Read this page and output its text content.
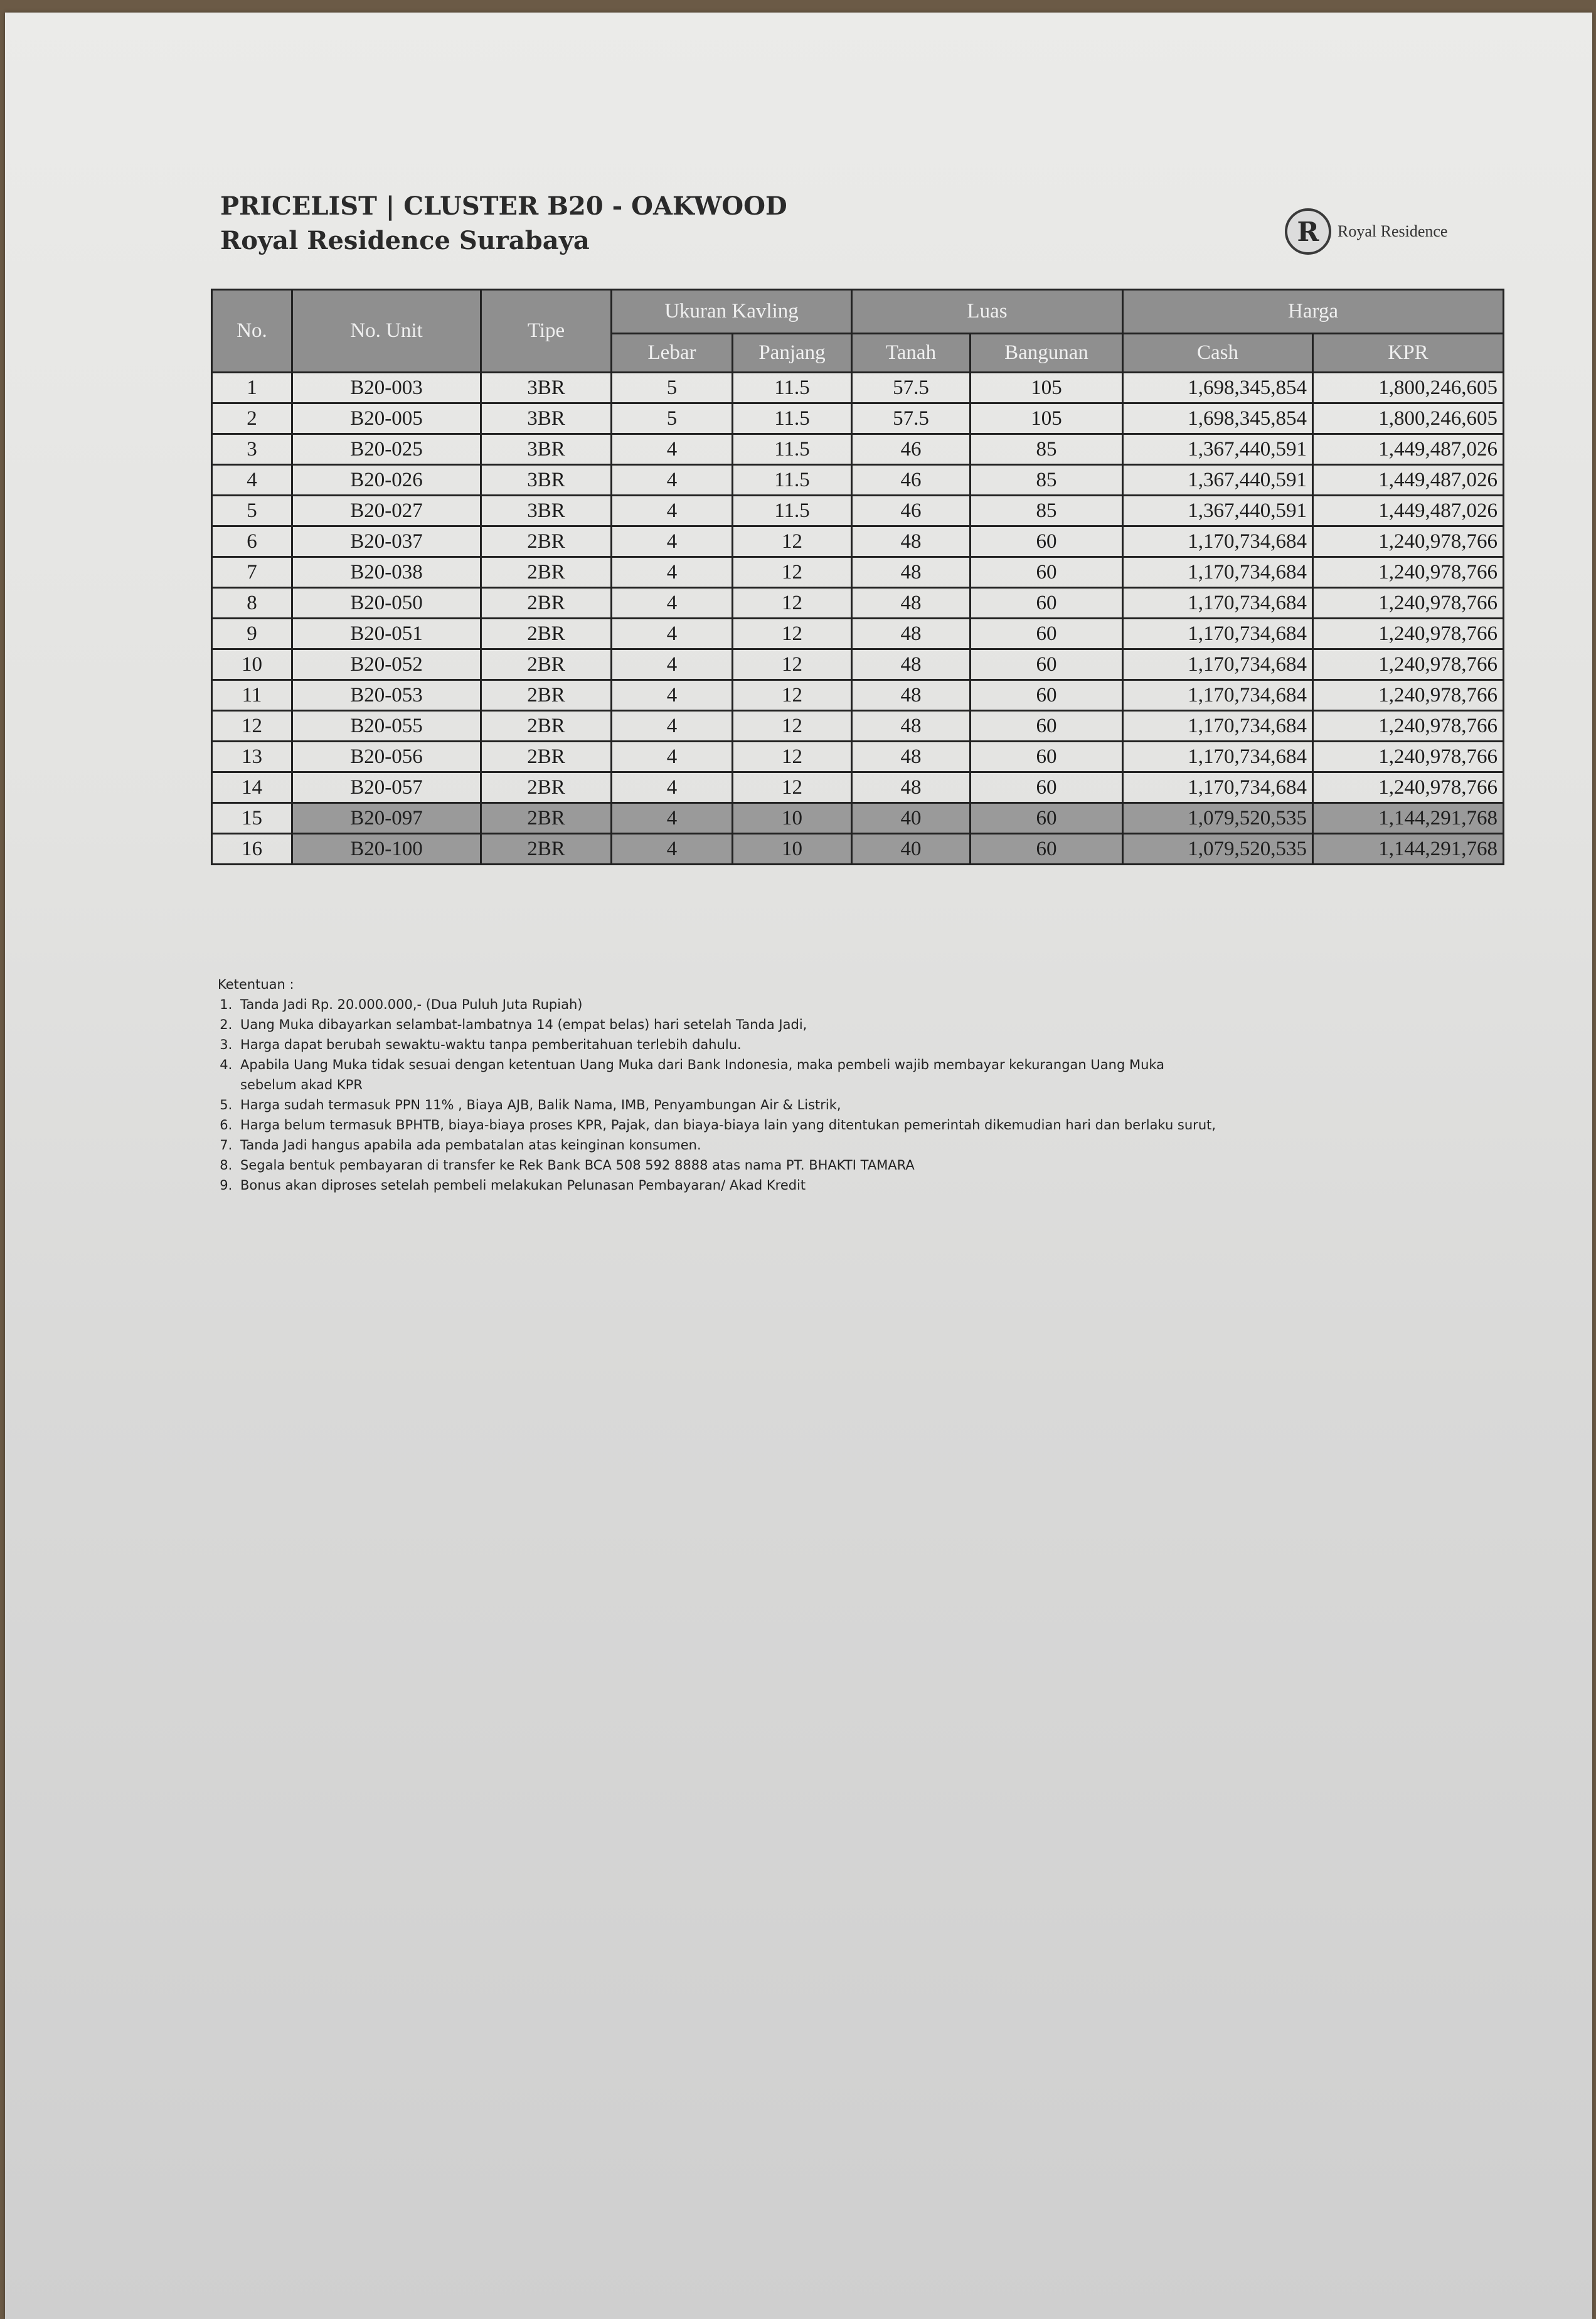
PRICELIST | CLUSTER B20 - OAKWOOD
Royal Residence Surabaya	R	Royal Residence
No.	No. Unit	Tipe	Ukuran Kavling		Luas		Harga	
			Lebar	Panjang	Tanah	Bangunan	Cash	KPR
1	B20-003	3BR	5	11.5	57.5	105	1,698,345,854	1,800,246,605
2	B20-005	3BR	5	11.5	57.5	105	1,698,345,854	1,800,246,605
3	B20-025	3BR	4	11.5	46	85	1,367,440,591	1,449,487,026
4	B20-026	3BR	4	11.5	46	85	1,367,440,591	1,449,487,026
5	B20-027	3BR	4	11.5	46	85	1,367,440,591	1,449,487,026
6	B20-037	2BR	4	12	48	60	1,170,734,684	1,240,978,766
7	B20-038	2BR	4	12	48	60	1,170,734,684	1,240,978,766
8	B20-050	2BR	4	12	48	60	1,170,734,684	1,240,978,766
9	B20-051	2BR	4	12	48	60	1,170,734,684	1,240,978,766
10	B20-052	2BR	4	12	48	60	1,170,734,684	1,240,978,766
11	B20-053	2BR	4	12	48	60	1,170,734,684	1,240,978,766
12	B20-055	2BR	4	12	48	60	1,170,734,684	1,240,978,766
13	B20-056	2BR	4	12	48	60	1,170,734,684	1,240,978,766
14	B20-057	2BR	4	12	48	60	1,170,734,684	1,240,978,766
15	B20-097	2BR	4	10	40	60	1,079,520,535	1,144,291,768
16	B20-100	2BR	4	10	40	60	1,079,520,535	1,144,291,768

Ketentuan :

1. Tanda Jadi Rp. 20.000.000,- (Dua Puluh Juta Rupiah)
2. Uang Muka dibayarkan selambat-lambatnya 14 (empat belas) hari setelah Tanda Jadi,
3. Harga dapat berubah sewaktu-waktu tanpa pemberitahuan terlebih dahulu.
4. Apabila Uang Muka tidak sesuai dengan ketentuan Uang Muka dari Bank Indonesia, maka pembeli wajib membayar kekurangan Uang Muka sebelum akad KPR
5. Harga sudah termasuk PPN 11% , Biaya AJB, Balik Nama, IMB, Penyambungan Air & Listrik,
6. Harga belum termasuk BPHTB, biaya-biaya proses KPR, Pajak, dan biaya-biaya lain yang ditentukan pemerintah dikemudian hari dan berlaku surut,
7. Tanda Jadi hangus apabila ada pembatalan atas keinginan konsumen.
8. Segala bentuk pembayaran di transfer ke Rek Bank BCA 508 592 8888 atas nama PT. BHAKTI TAMARA
9. Bonus akan diproses setelah pembeli melakukan Pelunasan Pembayaran/ Akad Kredit
